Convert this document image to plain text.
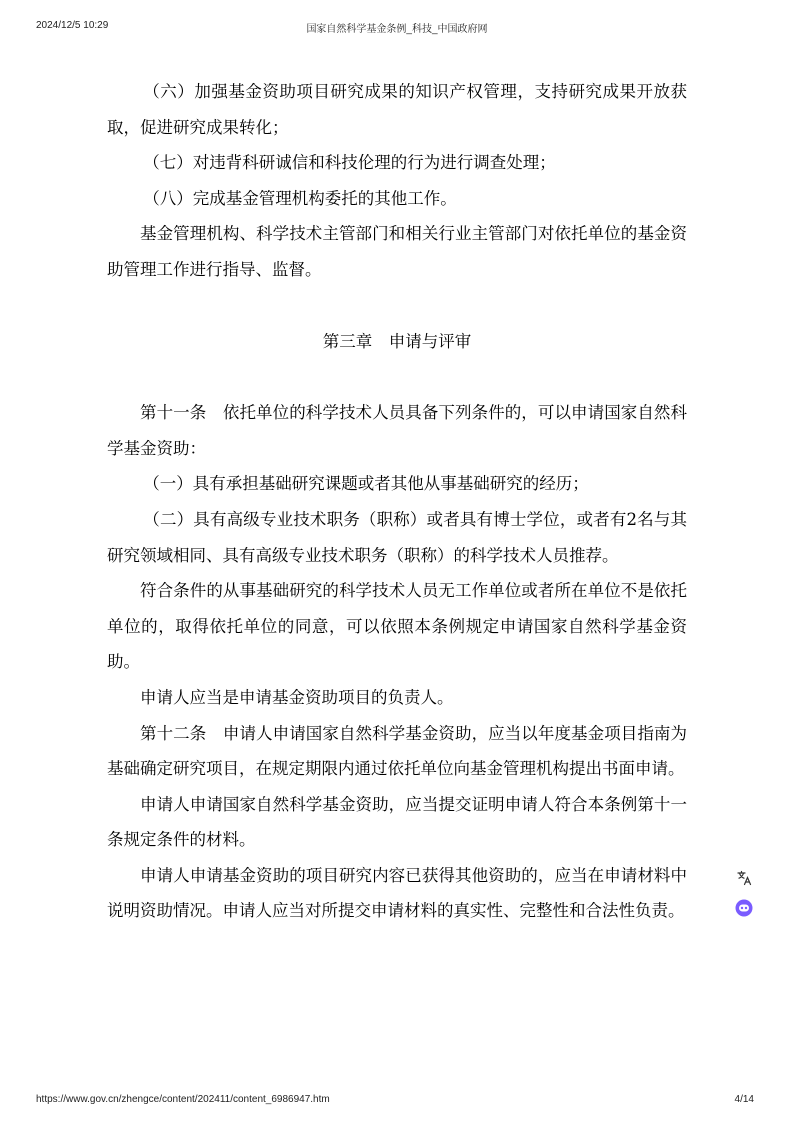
2024/12/5 10:29	国家自然科学基金条例_科技_中国政府网

（六）加强基金资助项目研究成果的知识产权管理，支持研究成果开放获取，促进研究成果转化；

（七）对违背科研诚信和科技伦理的行为进行调查处理；

（八）完成基金管理机构委托的其他工作。

基金管理机构、科学技术主管部门和相关行业主管部门对依托单位的基金资助管理工作进行指导、监督。

第三章　申请与评审

第十一条　依托单位的科学技术人员具备下列条件的，可以申请国家自然科学基金资助：

（一）具有承担基础研究课题或者其他从事基础研究的经历；

（二）具有高级专业技术职务（职称）或者具有博士学位，或者有2名与其研究领域相同、具有高级专业技术职务（职称）的科学技术人员推荐。

符合条件的从事基础研究的科学技术人员无工作单位或者所在单位不是依托单位的，取得依托单位的同意，可以依照本条例规定申请国家自然科学基金资助。

申请人应当是申请基金资助项目的负责人。

第十二条　申请人申请国家自然科学基金资助，应当以年度基金项目指南为基础确定研究项目，在规定期限内通过依托单位向基金管理机构提出书面申请。

申请人申请国家自然科学基金资助，应当提交证明申请人符合本条例第十一条规定条件的材料。

申请人申请基金资助的项目研究内容已获得其他资助的，应当在申请材料中说明资助情况。申请人应当对所提交申请材料的真实性、完整性和合法性负责。

https://www.gov.cn/zhengce/content/202411/content_6986947.htm	4/14
